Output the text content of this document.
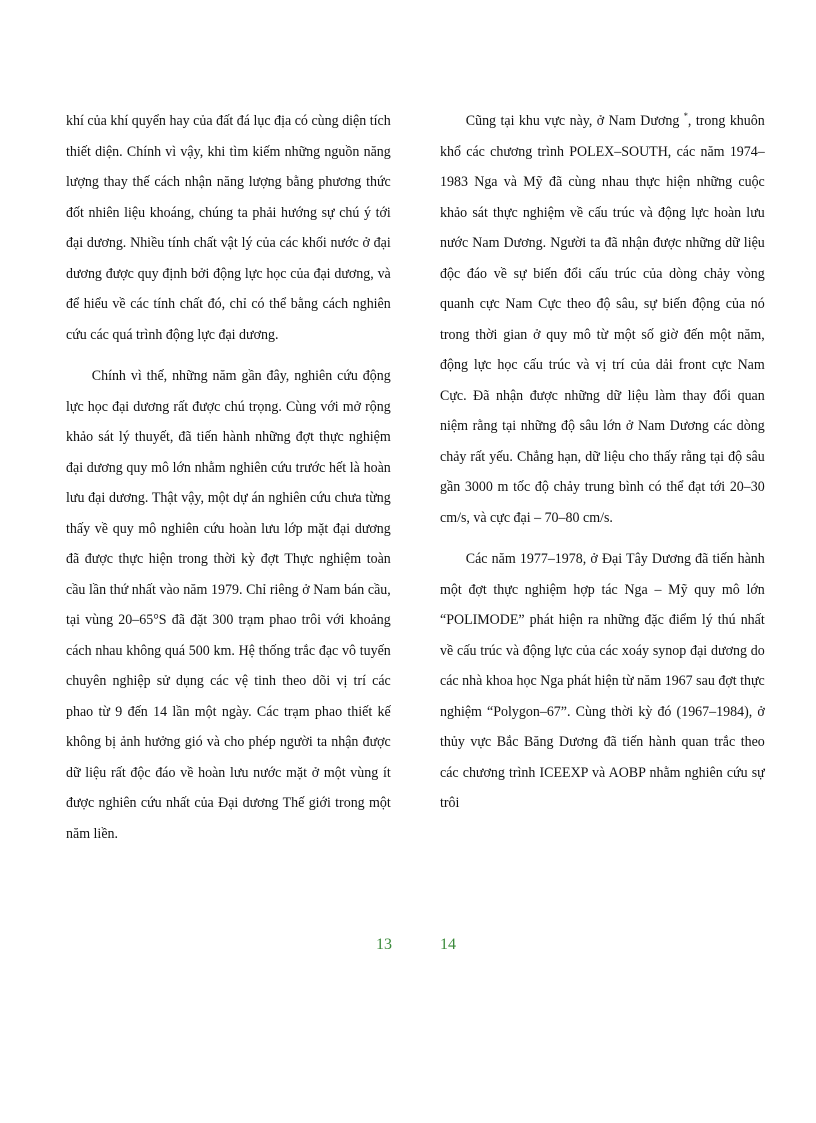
khí của khí quyển hay của đất đá lục địa có cùng diện tích thiết diện. Chính vì vậy, khi tìm kiếm những nguồn năng lượng thay thế cách nhận năng lượng bằng phương thức đốt nhiên liệu khoáng, chúng ta phải hướng sự chú ý tới đại dương. Nhiều tính chất vật lý của các khối nước ở đại dương được quy định bởi động lực học của đại dương, và để hiểu về các tính chất đó, chỉ có thể bằng cách nghiên cứu các quá trình động lực đại dương.

Chính vì thế, những năm gần đây, nghiên cứu động lực học đại dương rất được chú trọng. Cùng với mở rộng khảo sát lý thuyết, đã tiến hành những đợt thực nghiệm đại dương quy mô lớn nhằm nghiên cứu trước hết là hoàn lưu đại dương. Thật vậy, một dự án nghiên cứu chưa từng thấy về quy mô nghiên cứu hoàn lưu lớp mặt đại dương đã được thực hiện trong thời kỳ đợt Thực nghiệm toàn cầu lần thứ nhất vào năm 1979. Chỉ riêng ở Nam bán cầu, tại vùng 20–65°S đã đặt 300 trạm phao trôi với khoảng cách nhau không quá 500 km. Hệ thống trắc đạc vô tuyến chuyên nghiệp sử dụng các vệ tinh theo dõi vị trí các phao từ 9 đến 14 lần một ngày. Các trạm phao thiết kế không bị ảnh hưởng gió và cho phép người ta nhận được dữ liệu rất độc đáo về hoàn lưu nước mặt ở một vùng ít được nghiên cứu nhất của Đại dương Thế giới trong một năm liền.

Cũng tại khu vực này, ở Nam Dương *, trong khuôn khổ các chương trình POLEX–SOUTH, các năm 1974–1983 Nga và Mỹ đã cùng nhau thực hiện những cuộc khảo sát thực nghiệm về cấu trúc và động lực hoàn lưu nước Nam Dương. Người ta đã nhận được những dữ liệu độc đáo về sự biến đổi cấu trúc của dòng chảy vòng quanh cực Nam Cực theo độ sâu, sự biến động của nó trong thời gian ở quy mô từ một số giờ đến một năm, động lực học cấu trúc và vị trí của dải front cực Nam Cực. Đã nhận được những dữ liệu làm thay đổi quan niệm rằng tại những độ sâu lớn ở Nam Dương các dòng chảy rất yếu. Chẳng hạn, dữ liệu cho thấy rằng tại độ sâu gần 3000 m tốc độ chảy trung bình có thể đạt tới 20–30 cm/s, và cực đại – 70–80 cm/s.

Các năm 1977–1978, ở Đại Tây Dương đã tiến hành một đợt thực nghiệm hợp tác Nga – Mỹ quy mô lớn “POLIMODE” phát hiện ra những đặc điểm lý thú nhất về cấu trúc và động lực của các xoáy synop đại dương do các nhà khoa học Nga phát hiện từ năm 1967 sau đợt thực nghiệm “Polygon–67”. Cùng thời kỳ đó (1967–1984), ở thủy vực Bắc Băng Dương đã tiến hành quan trắc theo các chương trình ICEEXP và AOBP nhằm nghiên cứu sự trôi

13	14
